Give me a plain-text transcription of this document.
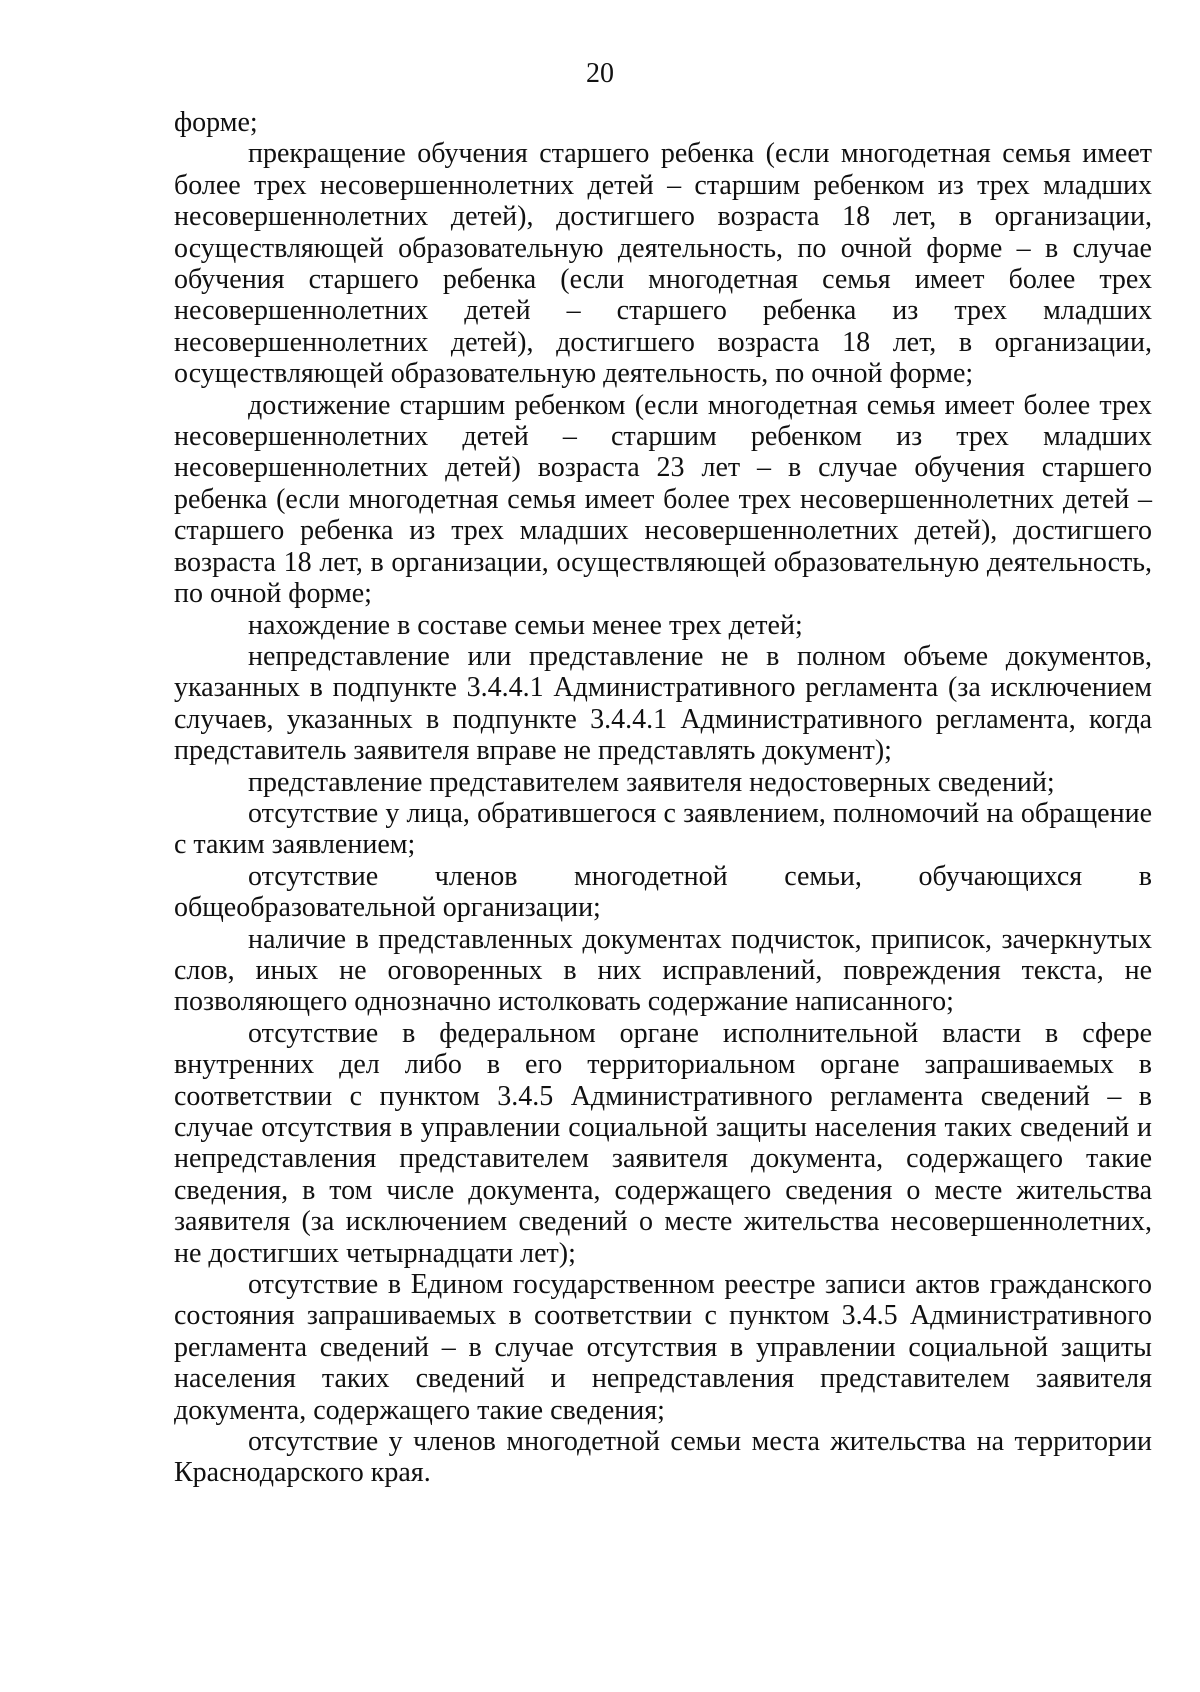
20

форме;

прекращение обучения старшего ребенка (если многодетная семья имеет более трех несовершеннолетних детей – старшим ребенком из трех младших несовершеннолетних детей), достигшего возраста 18 лет, в организации, осуществляющей образовательную деятельность, по очной форме – в случае обучения старшего ребенка (если многодетная семья имеет более трех несовершеннолетних детей – старшего ребенка из трех младших несовершеннолетних детей), достигшего возраста 18 лет, в организации, осуществляющей образовательную деятельность, по очной форме;

достижение старшим ребенком (если многодетная семья имеет более трех несовершеннолетних детей – старшим ребенком из трех младших несовершеннолетних детей) возраста 23 лет – в случае обучения старшего ребенка (если многодетная семья имеет более трех несовершеннолетних детей – старшего ребенка из трех младших несовершеннолетних детей), достигшего возраста 18 лет, в организации, осуществляющей образовательную деятельность, по очной форме;

нахождение в составе семьи менее трех детей;

непредставление или представление не в полном объеме документов, указанных в подпункте 3.4.4.1 Административного регламента (за исключением случаев, указанных в подпункте 3.4.4.1 Административного регламента, когда представитель заявителя вправе не представлять документ);

представление представителем заявителя недостоверных сведений;

отсутствие у лица, обратившегося с заявлением, полномочий на обращение с таким заявлением;

отсутствие членов многодетной семьи, обучающихся в общеобразовательной организации;

наличие в представленных документах подчисток, приписок, зачеркнутых слов, иных не оговоренных в них исправлений, повреждения текста, не позволяющего однозначно истолковать содержание написанного;

отсутствие в федеральном органе исполнительной власти в сфере внутренних дел либо в его территориальном органе запрашиваемых в соответствии с пунктом 3.4.5 Административного регламента сведений – в случае отсутствия в управлении социальной защиты населения таких сведений и непредставления представителем заявителя документа, содержащего такие сведения, в том числе документа, содержащего сведения о месте жительства заявителя (за исключением сведений о месте жительства несовершеннолетних, не достигших четырнадцати лет);

отсутствие в Едином государственном реестре записи актов гражданского состояния запрашиваемых в соответствии с пунктом 3.4.5 Административного регламента сведений – в случае отсутствия в управлении социальной защиты населения таких сведений и непредставления представителем заявителя документа, содержащего такие сведения;

отсутствие у членов многодетной семьи места жительства на территории Краснодарского края.
